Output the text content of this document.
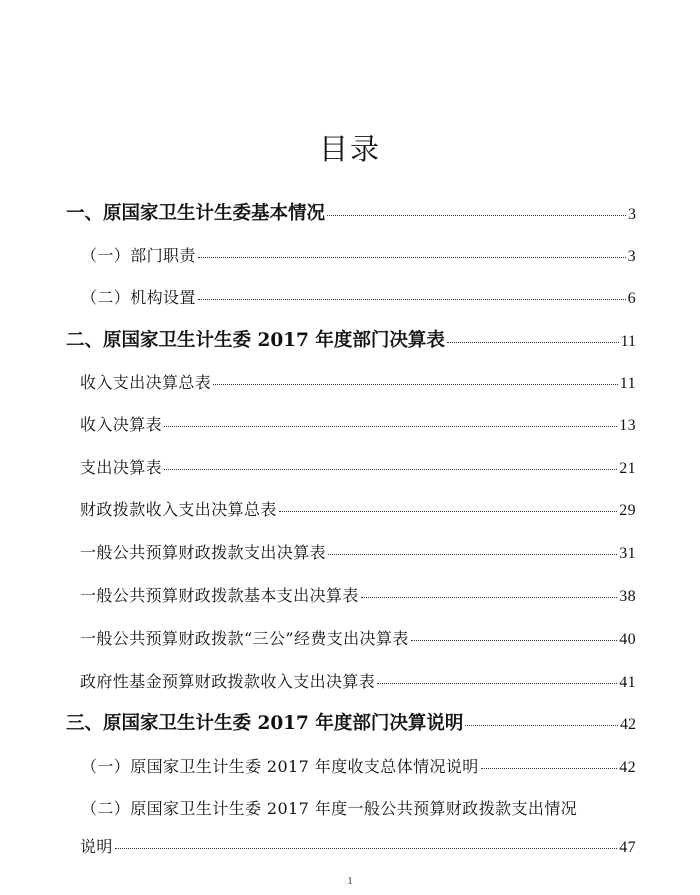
目录
一、原国家卫生计生委基本情况	3
（一）部门职责	3
（二）机构设置	6
二、原国家卫生计生委 2017 年度部门决算表	11
收入支出决算总表	11
收入决算表	13
支出决算表	21
财政拨款收入支出决算总表	29
一般公共预算财政拨款支出决算表	31
一般公共预算财政拨款基本支出决算表	38
一般公共预算财政拨款“三公”经费支出决算表	40
政府性基金预算财政拨款收入支出决算表	41
三、原国家卫生计生委 2017 年度部门决算说明	42
（一）原国家卫生计生委 2017 年度收支总体情况说明	42
（二）原国家卫生计生委 2017 年度一般公共预算财政拨款支出情况
说明	47
1
